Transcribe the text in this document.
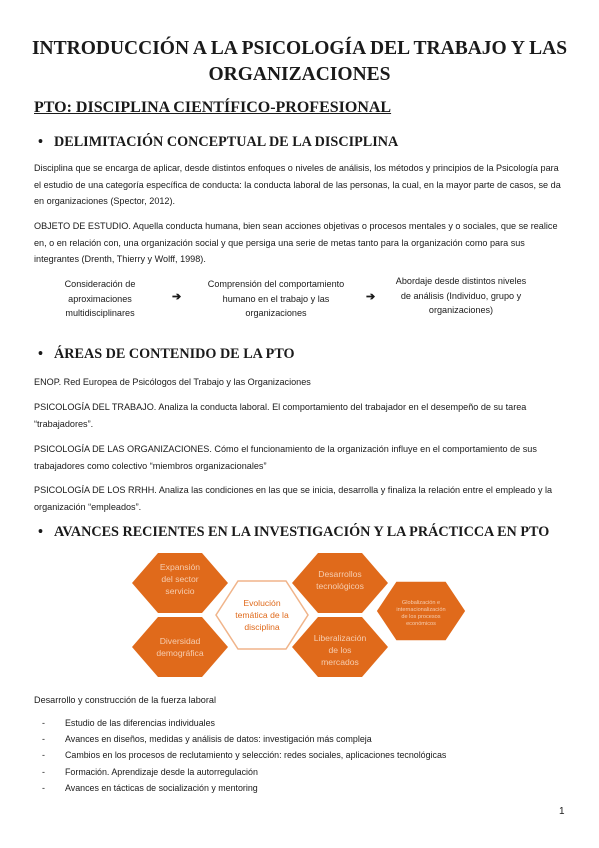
INTRODUCCIÓN A LA PSICOLOGÍA DEL TRABAJO Y LAS ORGANIZACIONES
PTO: DISCIPLINA CIENTÍFICO-PROFESIONAL
• DELIMITACIÓN CONCEPTUAL DE LA DISCIPLINA
Disciplina que se encarga de aplicar, desde distintos enfoques o niveles de análisis, los métodos y principios de la Psicología para el estudio de una categoría específica de conducta: la conducta laboral de las personas, la cual, en la mayor parte de casos, se da en organizaciones (Spector, 2012).
OBJETO DE ESTUDIO. Aquella conducta humana, bien sean acciones objetivas o procesos mentales y o sociales, que se realice en, o en relación con, una organización social y que persiga una serie de metas tanto para la organización como para sus integrantes (Drenth, Thierry y Wolff, 1998).
Consideración de aproximaciones multidisciplinares
➔
Comprensión del comportamiento humano en el trabajo y las organizaciones
➔
Abordaje desde distintos niveles de análisis (Individuo, grupo y organizaciones)
• ÁREAS DE CONTENIDO DE LA PTO
ENOP. Red Europea de Psicólogos del Trabajo y las Organizaciones
PSICOLOGÍA DEL TRABAJO. Analiza la conducta laboral. El comportamiento del trabajador en el desempeño de su tarea “trabajadores”.
PSICOLOGÍA DE LAS ORGANIZACIONES. Cómo el funcionamiento de la organización influye en el comportamiento de sus trabajadores como colectivo “miembros organizacionales”
PSICOLOGÍA DE LOS RRHH. Analiza las condiciones en las que se inicia, desarrolla y finaliza la relación entre el empleado y la organización “empleados”.
• AVANCES RECIENTES EN LA INVESTIGACIÓN Y LA PRÁCTICCA EN PTO
Expansión
del sector
servicio
Desarrollos
tecnológicos
Diversidad
demográfica
Liberalización
de los
mercados
Evolución
temática de la
disciplina
Globalización e
internacionalización
de los procesos
económicos
Desarrollo y construcción de la fuerza laboral
- Estudio de las diferencias individuales
- Avances en diseños, medidas y análisis de datos: investigación más compleja
- Cambios en los procesos de reclutamiento y selección: redes sociales, aplicaciones tecnológicas
- Formación. Aprendizaje desde la autorregulación
- Avances en tácticas de socialización y mentoring
1
